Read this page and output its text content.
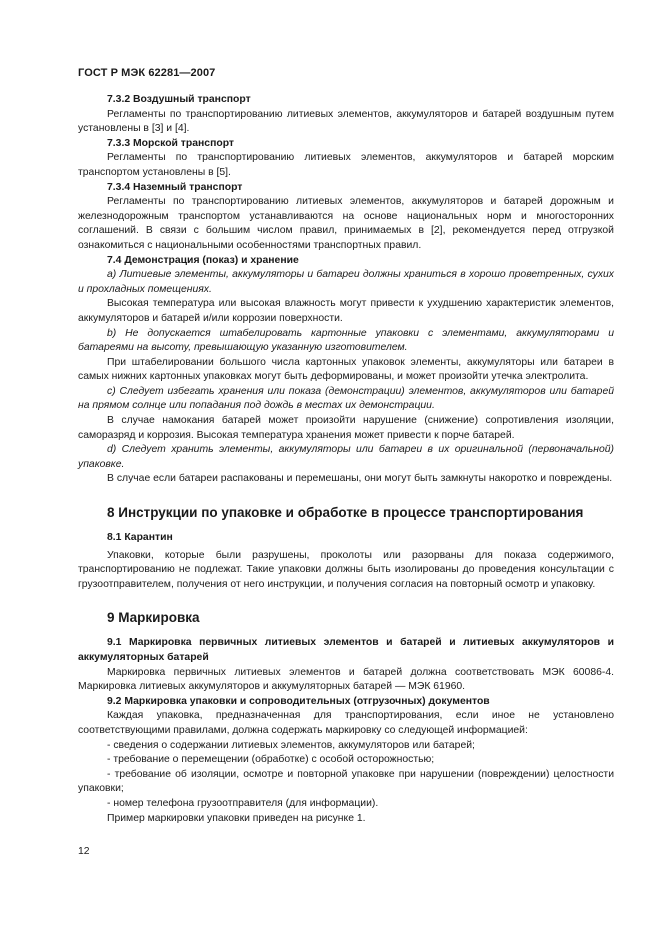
ГОСТ Р МЭК 62281—2007

7.3.2 Воздушный транспорт

Регламенты по транспортированию литиевых элементов, аккумуляторов и батарей воздушным путем установлены в [3] и [4].

7.3.3 Морской транспорт

Регламенты по транспортированию литиевых элементов, аккумуляторов и батарей морским транспортом установлены в [5].

7.3.4 Наземный транспорт

Регламенты по транспортированию литиевых элементов, аккумуляторов и батарей дорожным и железнодорожным транспортом устанавливаются на основе национальных норм и многосторонних соглашений. В связи с большим числом правил, принимаемых в [2], рекомендуется перед отгрузкой ознакомиться с национальными особенностями транспортных правил.

7.4 Демонстрация (показ) и хранение

а) Литиевые элементы, аккумуляторы и батареи должны храниться в хорошо проветренных, сухих и прохладных помещениях.

Высокая температура или высокая влажность могут привести к ухудшению характеристик элементов, аккумуляторов и батарей и/или коррозии поверхности.

b) Не допускается штабелировать картонные упаковки с элементами, аккумуляторами и батареями на высоту, превышающую указанную изготовителем.

При штабелировании большого числа картонных упаковок элементы, аккумуляторы или батареи в самых нижних картонных упаковках могут быть деформированы, и может произойти утечка электролита.

с) Следует избегать хранения или показа (демонстрации) элементов, аккумуляторов или батарей на прямом солнце или попадания под дождь в местах их демонстрации.

В случае намокания батарей может произойти нарушение (снижение) сопротивления изоляции, саморазряд и коррозия. Высокая температура хранения может привести к порче батарей.

d) Следует хранить элементы, аккумуляторы или батареи в их оригинальной (первоначальной) упаковке.

В случае если батареи распакованы и перемешаны, они могут быть замкнуты накоротко и повреждены.

8 Инструкции по упаковке и обработке в процессе транспортирования

8.1 Карантин

Упаковки, которые были разрушены, проколоты или разорваны для показа содержимого, транспортированию не подлежат. Такие упаковки должны быть изолированы до проведения консультации с грузоотправителем, получения от него инструкции, и получения согласия на повторный осмотр и упаковку.

9 Маркировка

9.1 Маркировка первичных литиевых элементов и батарей и литиевых аккумуляторов и аккумуляторных батарей

Маркировка первичных литиевых элементов и батарей должна соответствовать МЭК 60086-4. Маркировка литиевых аккумуляторов и аккумуляторных батарей — МЭК 61960.

9.2 Маркировка упаковки и сопроводительных (отгрузочных) документов

Каждая упаковка, предназначенная для транспортирования, если иное не установлено соответствующими правилами, должна содержать маркировку со следующей информацией:

- сведения о содержании литиевых элементов, аккумуляторов или батарей;

- требование о перемещении (обработке) с особой осторожностью;

- требование об изоляции, осмотре и повторной упаковке при нарушении (повреждении) целостности упаковки;

- номер телефона грузоотправителя (для информации).

Пример маркировки упаковки приведен на рисунке 1.

12
